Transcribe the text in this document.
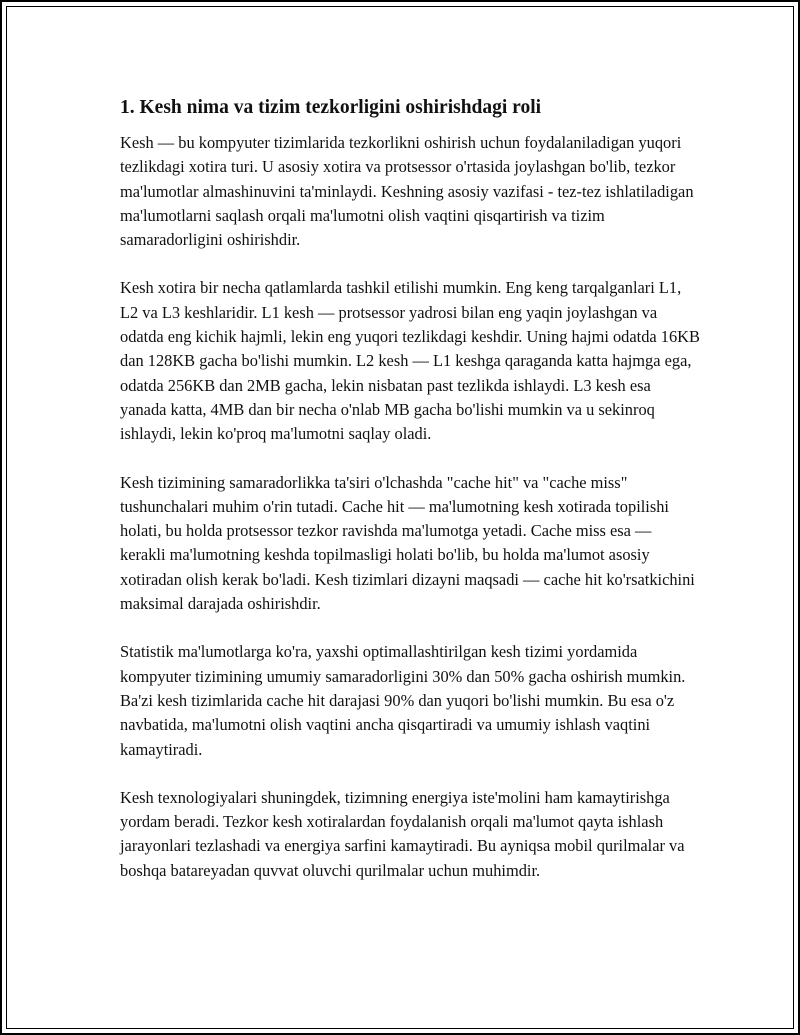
1. Kesh nima va tizim tezkorligini oshirishdagi roli

Kesh — bu kompyuter tizimlarida tezkorlikni oshirish uchun foydalaniladigan yuqori tezlikdagi xotira turi. U asosiy xotira va protsessor o'rtasida joylashgan bo'lib, tezkor ma'lumotlar almashinuvini ta'minlaydi. Keshning asosiy vazifasi - tez-tez ishlatiladigan ma'lumotlarni saqlash orqali ma'lumotni olish vaqtini qisqartirish va tizim samaradorligini oshirishdir.

Kesh xotira bir necha qatlamlarda tashkil etilishi mumkin. Eng keng tarqalganlari L1, L2 va L3 keshlaridir. L1 kesh — protsessor yadrosi bilan eng yaqin joylashgan va odatda eng kichik hajmli, lekin eng yuqori tezlikdagi keshdir. Uning hajmi odatda 16KB dan 128KB gacha bo'lishi mumkin. L2 kesh — L1 keshga qaraganda katta hajmga ega, odatda 256KB dan 2MB gacha, lekin nisbatan past tezlikda ishlaydi. L3 kesh esa yanada katta, 4MB dan bir necha o'nlab MB gacha bo'lishi mumkin va u sekinroq ishlaydi, lekin ko'proq ma'lumotni saqlay oladi.

Kesh tizimining samaradorlikka ta'siri o'lchashda "cache hit" va "cache miss" tushunchalari muhim o'rin tutadi. Cache hit — ma'lumotning kesh xotirada topilishi holati, bu holda protsessor tezkor ravishda ma'lumotga yetadi. Cache miss esa — kerakli ma'lumotning keshda topilmasligi holati bo'lib, bu holda ma'lumot asosiy xotiradan olish kerak bo'ladi. Kesh tizimlari dizayni maqsadi — cache hit ko'rsatkichini maksimal darajada oshirishdir.

Statistik ma'lumotlarga ko'ra, yaxshi optimallashtirilgan kesh tizimi yordamida kompyuter tizimining umumiy samaradorligini 30% dan 50% gacha oshirish mumkin. Ba'zi kesh tizimlarida cache hit darajasi 90% dan yuqori bo'lishi mumkin. Bu esa o'z navbatida, ma'lumotni olish vaqtini ancha qisqartiradi va umumiy ishlash vaqtini kamaytiradi.

Kesh texnologiyalari shuningdek, tizimning energiya iste'molini ham kamaytirishga yordam beradi. Tezkor kesh xotiralardan foydalanish orqali ma'lumot qayta ishlash jarayonlari tezlashadi va energiya sarfini kamaytiradi. Bu ayniqsa mobil qurilmalar va boshqa batareyadan quvvat oluvchi qurilmalar uchun muhimdir.
